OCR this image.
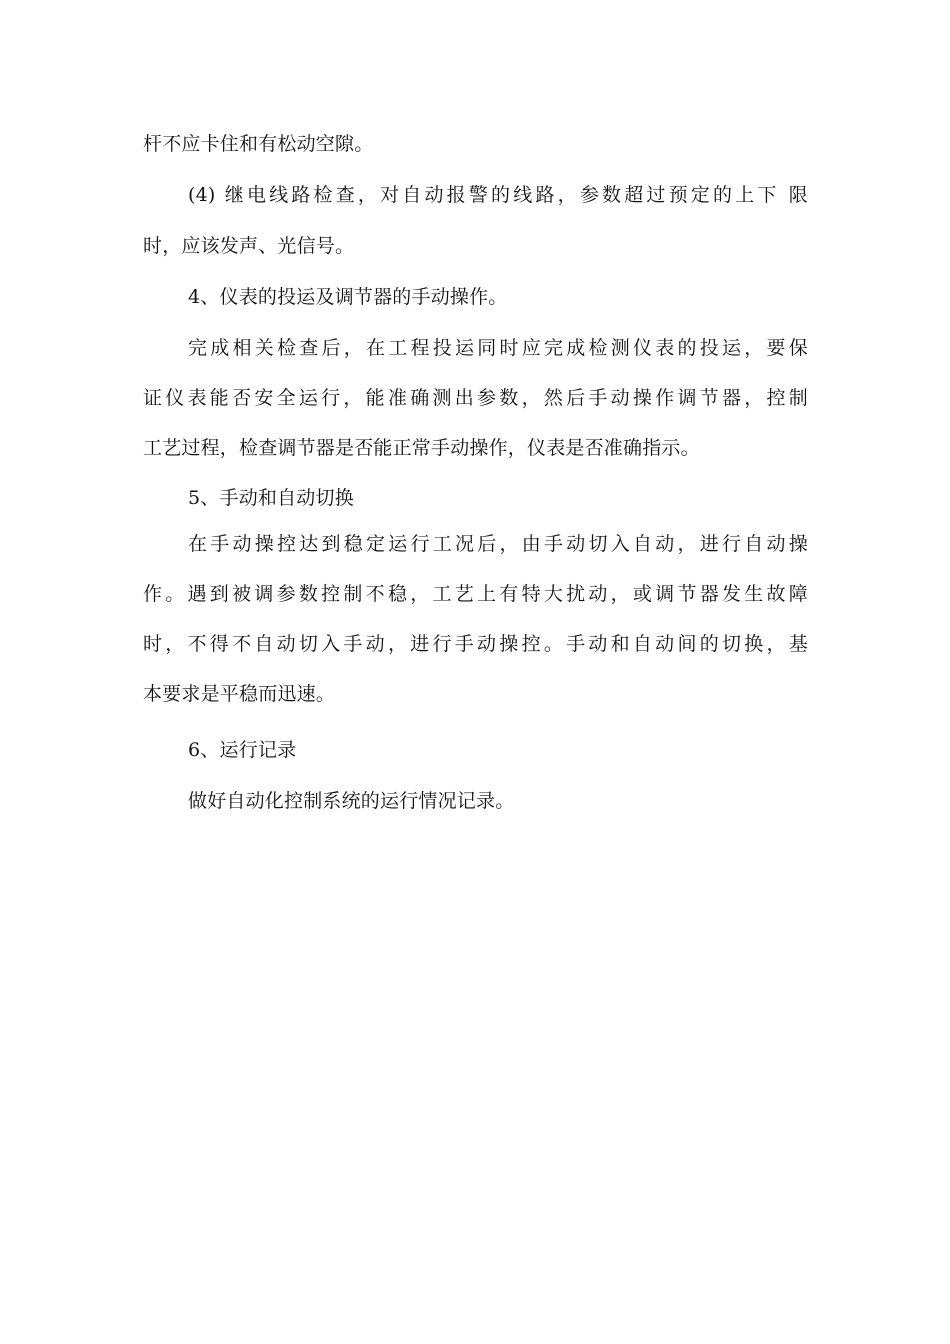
杆不应卡住和有松动空隙。
(4) 继电线路检查，对自动报警的线路，参数超过预定的上下 限
时，应该发声、光信号。
4、仪表的投运及调节器的手动操作。
完成相关检查后，在工程投运同时应完成检测仪表的投运，要保
证仪表能否安全运行，能准确测出参数，然后手动操作调节器，控制
工艺过程，检查调节器是否能正常手动操作，仪表是否准确指示。
5、手动和自动切换
在手动操控达到稳定运行工况后，由手动切入自动，进行自动操
作。遇到被调参数控制不稳，工艺上有特大扰动，或调节器发生故障
时，不得不自动切入手动，进行手动操控。手动和自动间的切换，基
本要求是平稳而迅速。
6、运行记录
做好自动化控制系统的运行情况记录。
